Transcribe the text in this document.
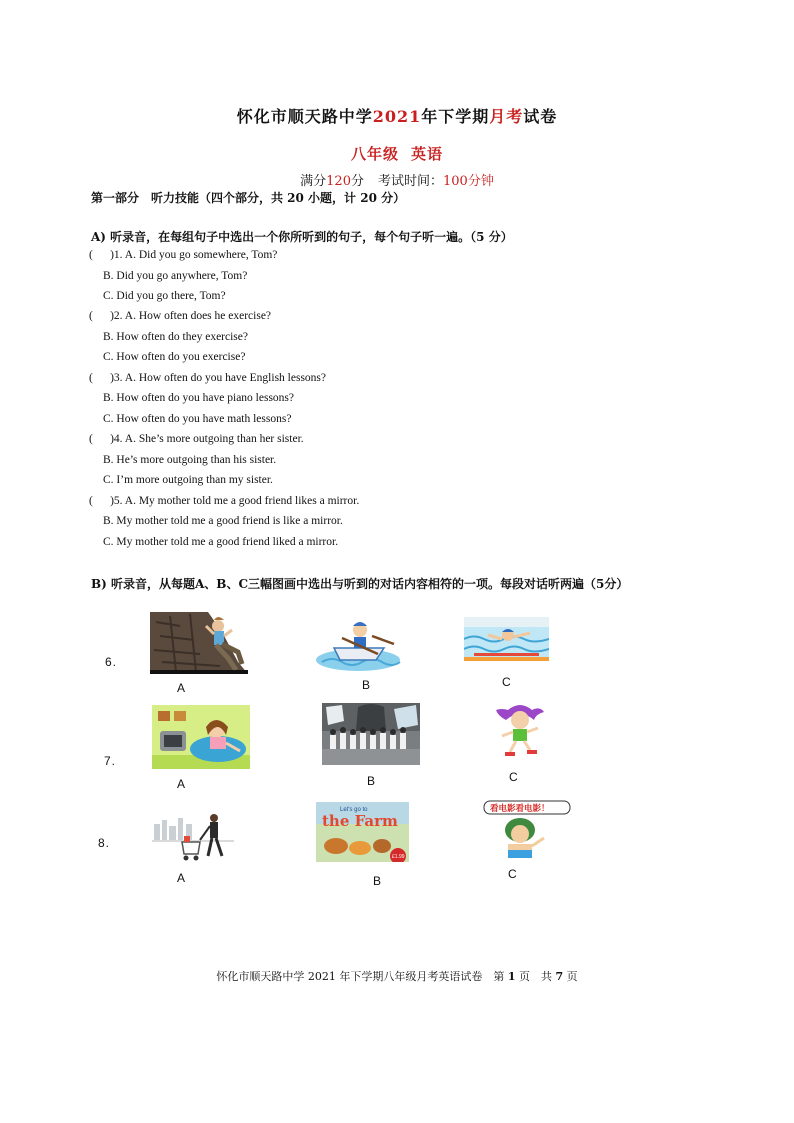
怀化市顺天路中学2021年下学期月考试卷
八年级 英语
满分120分 考试时间：100分钟
第一部分　听力技能（四个部分，共 20 小题，计 20 分）
A) 听录音，在每组句子中选出一个你所听到的句子，每个句子听一遍。（5 分）
(      )1. A. Did you go somewhere, Tom?
B. Did you go anywhere, Tom?
C. Did you go there, Tom?
(      )2. A. How often does he exercise?
B. How often do they exercise?
C. How often do you exercise?
(      )3. A. How often do you have English lessons?
B. How often do you have piano lessons?
C. How often do you have math lessons?
(      )4. A. She’s more outgoing than her sister.
B. He’s more outgoing than his sister.
C. I’m more outgoing than my sister.
(      )5. A. My mother told me a good friend likes a mirror.
B. My mother told me a good friend is like a mirror.
C. My mother told me a good friend liked a mirror.
B) 听录音，从每题A、B、C三幅图画中选出与听到的对话内容相符的一项。每段对话听两遍（5分）
6.
A	B	C
7.
A	B	C
8.
A
Let's go to
the Farm
£1.99
B
看电影看电影！
C
怀化市顺天路中学 2021 年下学期八年级月考英语试卷　第 1 页　共 7 页
